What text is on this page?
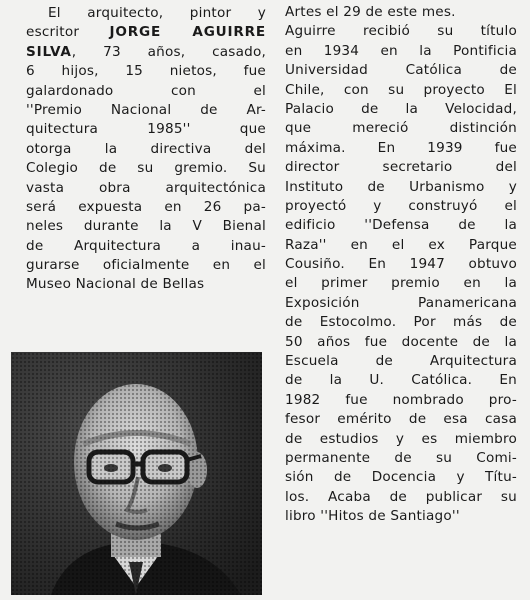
El arquitecto, pintor y
escritor JORGE AGUIRRE
SILVA, 73 años, casado,
6 hijos, 15 nietos, fue
galardonado con el
''Premio Nacional de Ar-
quitectura 1985'' que
otorga la directiva del
Colegio de su gremio. Su
vasta obra arquitectónica
será expuesta en 26 pa-
neles durante la V Bienal
de Arquitectura a inau-
gurarse oficialmente en el
Museo Nacional de Bellas
Artes el 29 de este mes.
Aguirre recibió su título
en 1934 en la Pontificia
Universidad Católica de
Chile, con su proyecto El
Palacio de la Velocidad,
que mereció distinción
máxima. En 1939 fue
director secretario del
Instituto de Urbanismo y
proyectó y construyó el
edificio ''Defensa de la
Raza'' en el ex Parque
Cousiño. En 1947 obtuvo
el primer premio en la
Exposición Panamericana
de Estocolmo. Por más de
50 años fue docente de la
Escuela de Arquitectura
de la U. Católica. En
1982 fue nombrado pro-
fesor emérito de esa casa
de estudios y es miembro
permanente de su Comi-
sión de Docencia y Títu-
los. Acaba de publicar su
libro ''Hitos de Santiago''
